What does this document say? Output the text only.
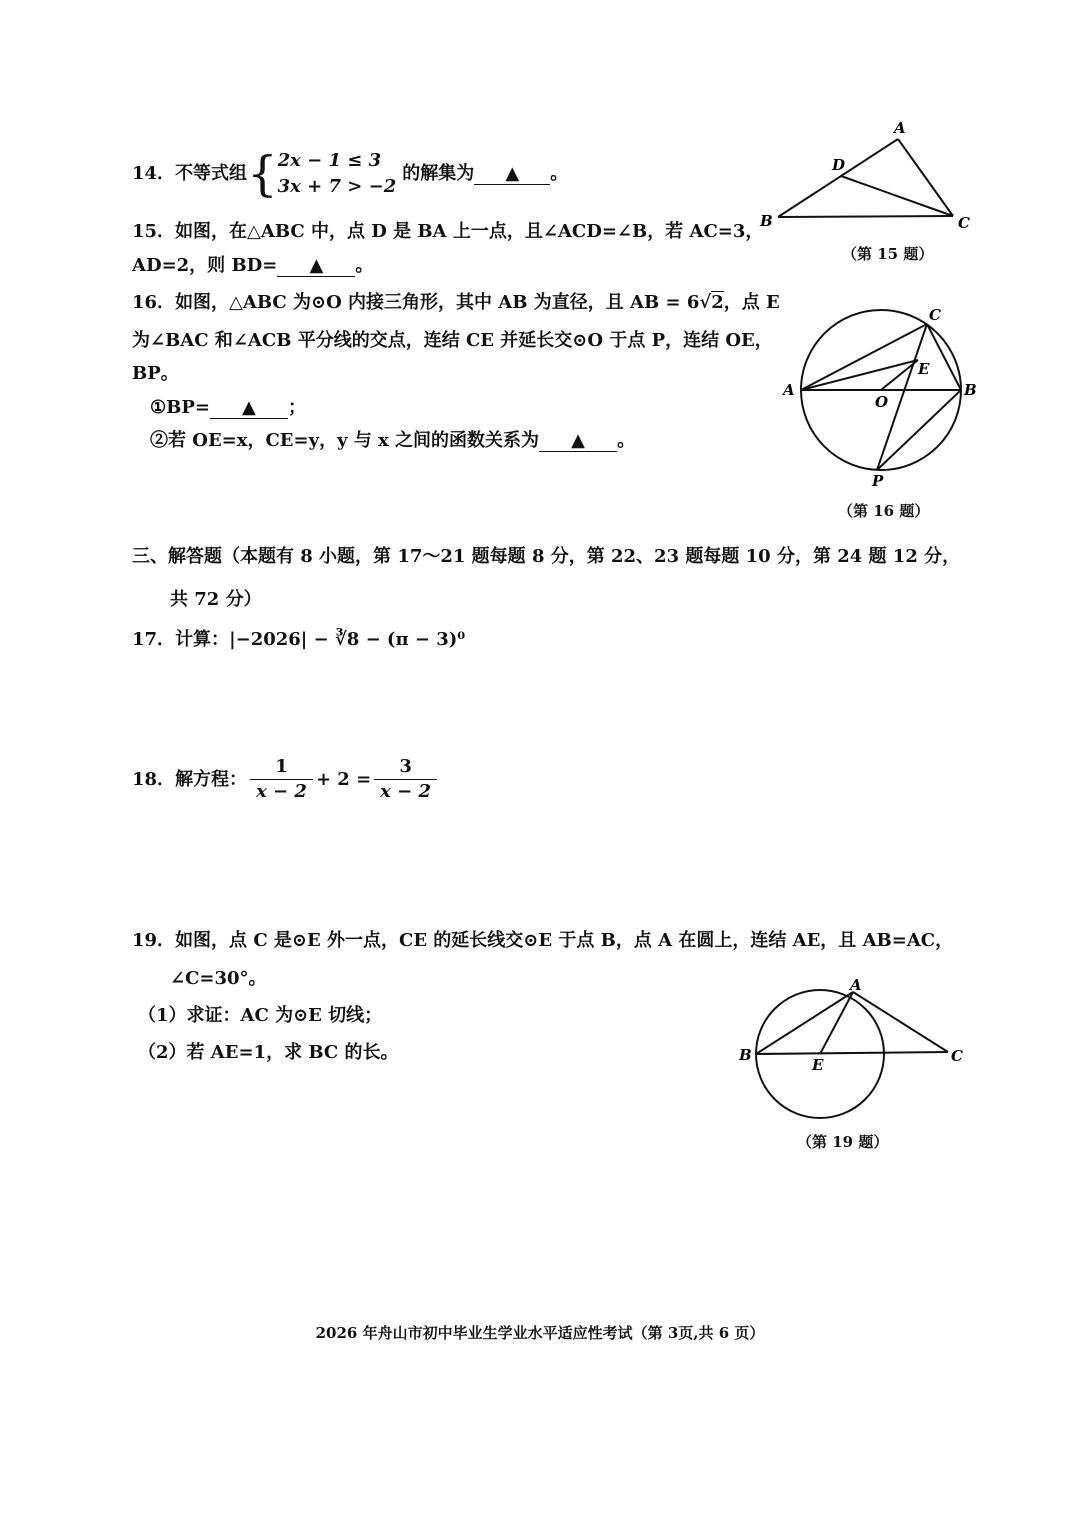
14． 不等式组 { 2x − 1 ≤ 3
3x + 7 > −2
的解集为	▲	。
A
B	C
D
（第 15 题）
15．如图，在△ABC 中，点 D 是 BA 上一点，且∠ACD=∠B，若 AC=3，
AD=2，则 BD= ▲ 。
16．如图，△ABC 为⊙O 内接三角形，其中 AB 为直径，且 AB = 6√2，点 E
为∠BAC 和∠ACB 平分线的交点，连结 CE 并延长交⊙O 于点 P，连结 OE，
BP。
①BP= ▲ ；
②若 OE=x，CE=y，y 与 x 之间的函数关系为 ▲ 。
C
A	B
E
O
P
（第 16 题）
三、解答题（本题有 8 小题，第 17～21 题每题 8 分，第 22、23 题每题 10 分，第 24 题 12 分，
共 72 分）
17．计算：|−2026| − ∛8 − (π − 3)⁰
18． 解方程： $\frac{1}{x - 2} + 2 = \frac{3}{x - 2}$
19．如图，点 C 是⊙E 外一点，CE 的延长线交⊙E 于点 B，点 A 在圆上，连结 AE，且 AB=AC，
∠C=30°。
（1）求证：AC 为⊙E 切线；
（2）若 AE=1，求 BC 的长。
A
B	C
E
（第 19 题）
2026 年舟山市初中毕业生学业水平适应性考试（第 3页,共 6 页）
